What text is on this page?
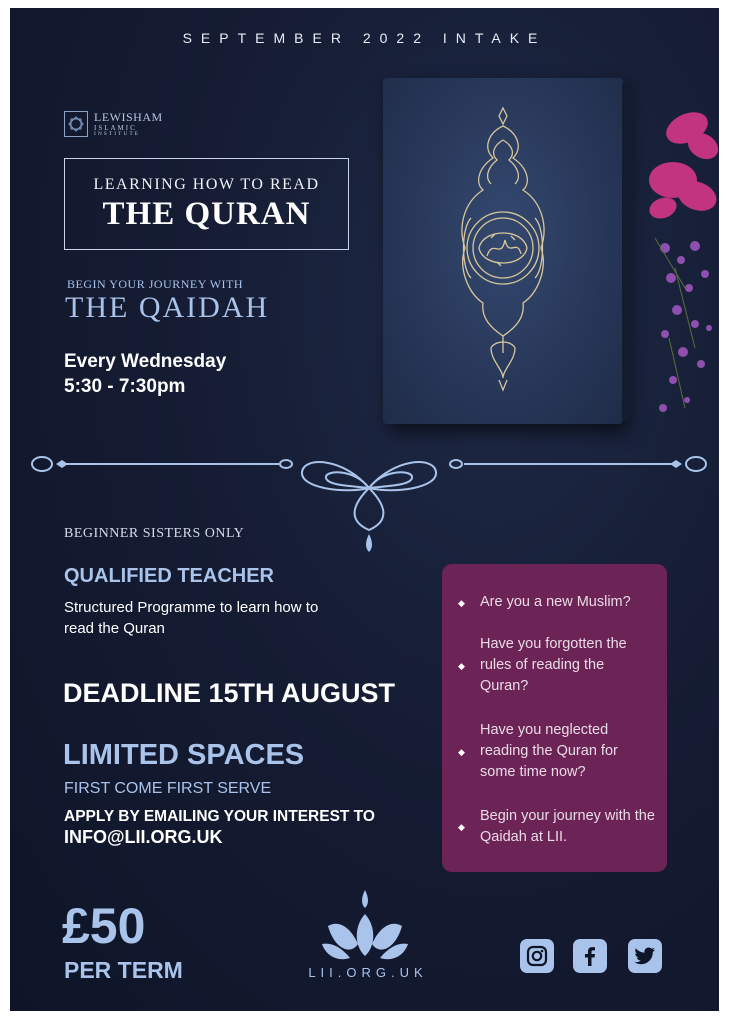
SEPTEMBER 2022 INTAKE
LEWISHAM
ISLAMIC
INSTITUTE
LEARNING HOW TO READ
THE QURAN
BEGIN YOUR JOURNEY WITH
THE QAIDAH
Every Wednesday
5:30 - 7:30pm
BEGINNER SISTERS ONLY
QUALIFIED TEACHER
Structured Programme to learn how to read the Quran
DEADLINE 15TH AUGUST
LIMITED SPACES
FIRST COME FIRST SERVE
APPLY BY EMAILING YOUR INTEREST TO
INFO@LII.ORG.UK
◆ Are you a new Muslim?
◆
Have you forgotten the rules of reading the Quran?
◆
Have you neglected reading the Quran for some time now?
◆
Begin your journey with the Qaidah at LII.
£50
PER TERM	LII.ORG.UK
